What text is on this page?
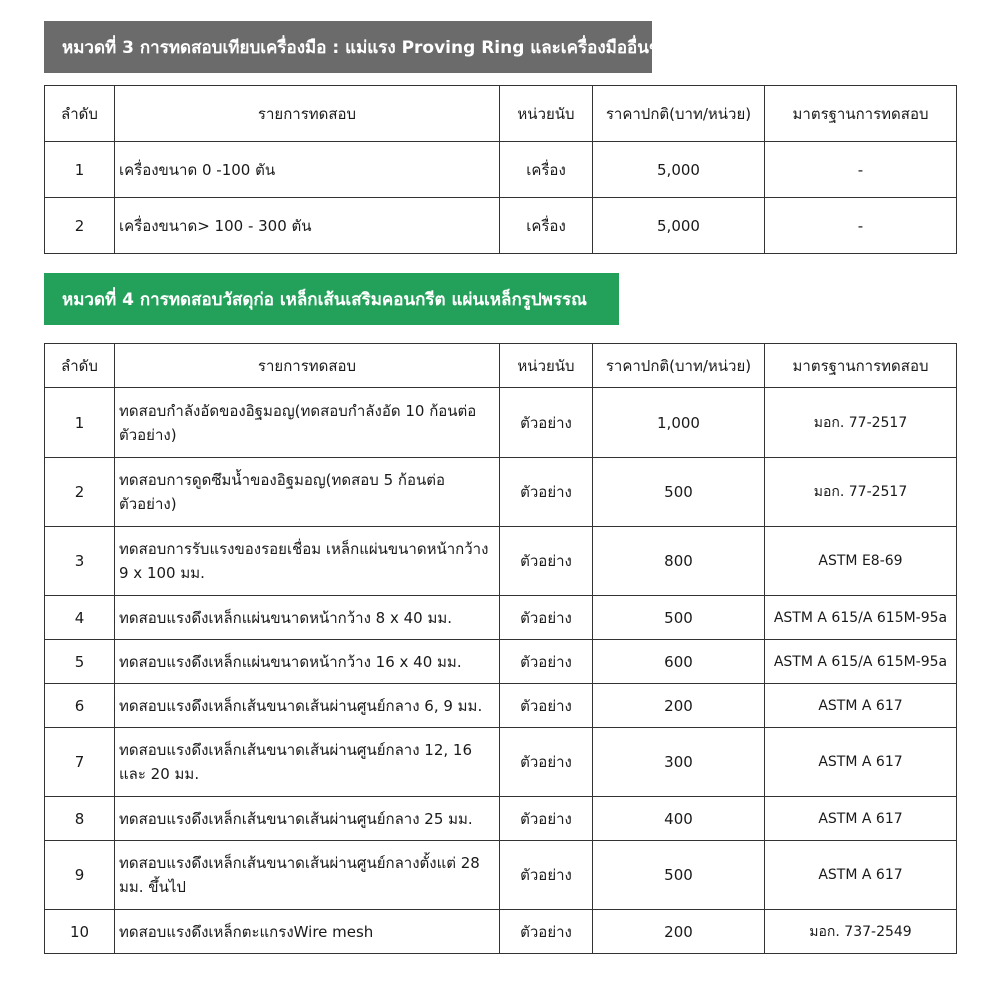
หมวดที่ 3 การทดสอบเทียบเครื่องมือ : แม่แรง Proving Ring และเครื่องมืออื่นๆ
ลำดับ	รายการทดสอบ	หน่วยนับ	ราคาปกติ(บาท/หน่วย)	มาตรฐานการทดสอบ
1	เครื่องขนาด 0 -100 ตัน	เครื่อง	5,000	-
2	เครื่องขนาด> 100 - 300 ตัน	เครื่อง	5,000	-
หมวดที่ 4 การทดสอบวัสดุก่อ เหล็กเส้นเสริมคอนกรีต แผ่นเหล็กรูปพรรณ
ลำดับ	รายการทดสอบ	หน่วยนับ	ราคาปกติ(บาท/หน่วย)	มาตรฐานการทดสอบ
1	ทดสอบกำลังอัดของอิฐมอญ(ทดสอบกำลังอัด 10 ก้อนต่อตัวอย่าง)	ตัวอย่าง	1,000	มอก. 77-2517
2	ทดสอบการดูดซึมน้ำของอิฐมอญ(ทดสอบ 5 ก้อนต่อตัวอย่าง)	ตัวอย่าง	500	มอก. 77-2517
3	ทดสอบการรับแรงของรอยเชื่อม เหล็กแผ่นขนาดหน้ากว้าง 9 x 100 มม.	ตัวอย่าง	800	ASTM E8-69
4	ทดสอบแรงดึงเหล็กแผ่นขนาดหน้ากว้าง 8 x 40 มม.	ตัวอย่าง	500	ASTM A 615/A 615M-95a
5	ทดสอบแรงดึงเหล็กแผ่นขนาดหน้ากว้าง 16 x 40 มม.	ตัวอย่าง	600	ASTM A 615/A 615M-95a
6	ทดสอบแรงดึงเหล็กเส้นขนาดเส้นผ่านศูนย์กลาง 6, 9 มม.	ตัวอย่าง	200	ASTM A 617
7	ทดสอบแรงดึงเหล็กเส้นขนาดเส้นผ่านศูนย์กลาง 12, 16 และ 20 มม.	ตัวอย่าง	300	ASTM A 617
8	ทดสอบแรงดึงเหล็กเส้นขนาดเส้นผ่านศูนย์กลาง 25 มม.	ตัวอย่าง	400	ASTM A 617
9	ทดสอบแรงดึงเหล็กเส้นขนาดเส้นผ่านศูนย์กลางตั้งแต่ 28 มม. ขึ้นไป	ตัวอย่าง	500	ASTM A 617
10	ทดสอบแรงดึงเหล็กตะแกรงWire mesh	ตัวอย่าง	200	มอก. 737-2549
